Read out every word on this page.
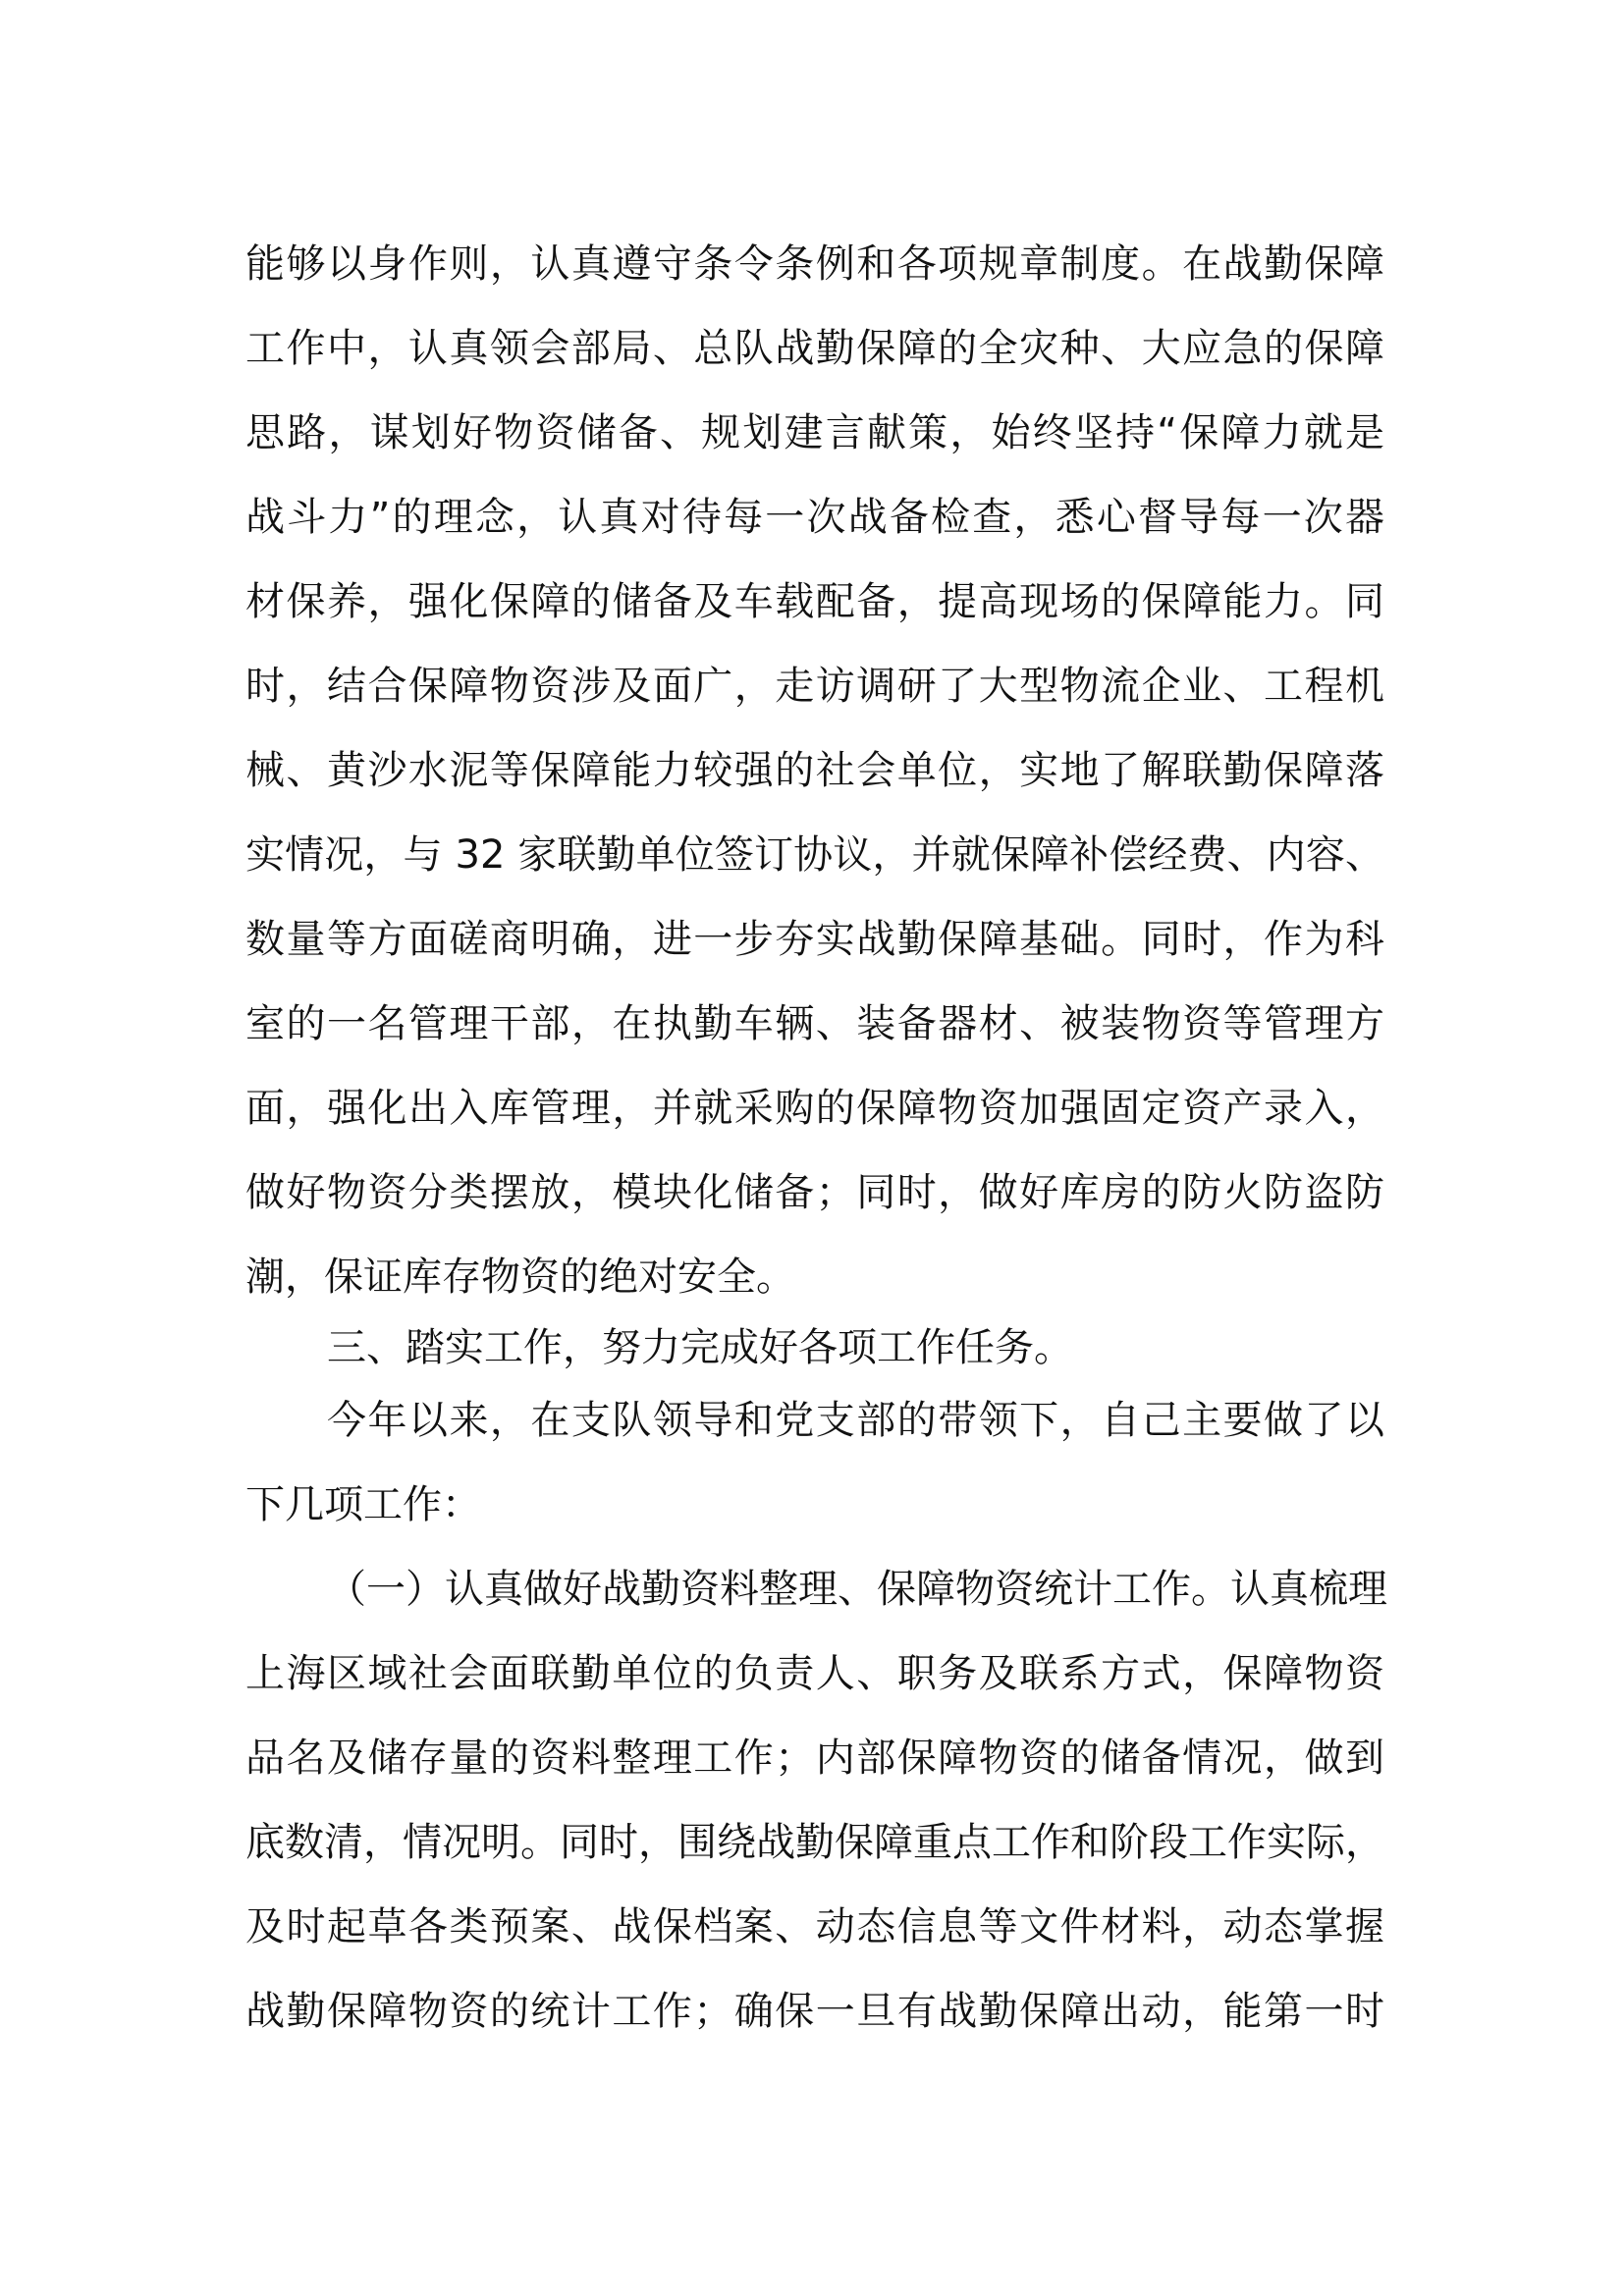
能够以身作则，认真遵守条令条例和各项规章制度。在战勤保障
工作中，认真领会部局、总队战勤保障的全灾种、大应急的保障
思路，谋划好物资储备、规划建言献策，始终坚持“保障力就是
战斗力”的理念，认真对待每一次战备检查，悉心督导每一次器
材保养，强化保障的储备及车载配备，提高现场的保障能力。同
时，结合保障物资涉及面广，走访调研了大型物流企业、工程机
械、黄沙水泥等保障能力较强的社会单位，实地了解联勤保障落
实情况，与 32 家联勤单位签订协议，并就保障补偿经费、内容、
数量等方面磋商明确，进一步夯实战勤保障基础。同时，作为科
室的一名管理干部，在执勤车辆、装备器材、被装物资等管理方
面，强化出入库管理，并就采购的保障物资加强固定资产录入，
做好物资分类摆放，模块化储备；同时，做好库房的防火防盗防
潮，保证库存物资的绝对安全。
三、踏实工作，努力完成好各项工作任务。
今年以来，在支队领导和党支部的带领下，自己主要做了以
下几项工作：
（一）认真做好战勤资料整理、保障物资统计工作。认真梳理
上海区域社会面联勤单位的负责人、职务及联系方式，保障物资
品名及储存量的资料整理工作；内部保障物资的储备情况，做到
底数清，情况明。同时，围绕战勤保障重点工作和阶段工作实际，
及时起草各类预案、战保档案、动态信息等文件材料，动态掌握
战勤保障物资的统计工作；确保一旦有战勤保障出动，能第一时
